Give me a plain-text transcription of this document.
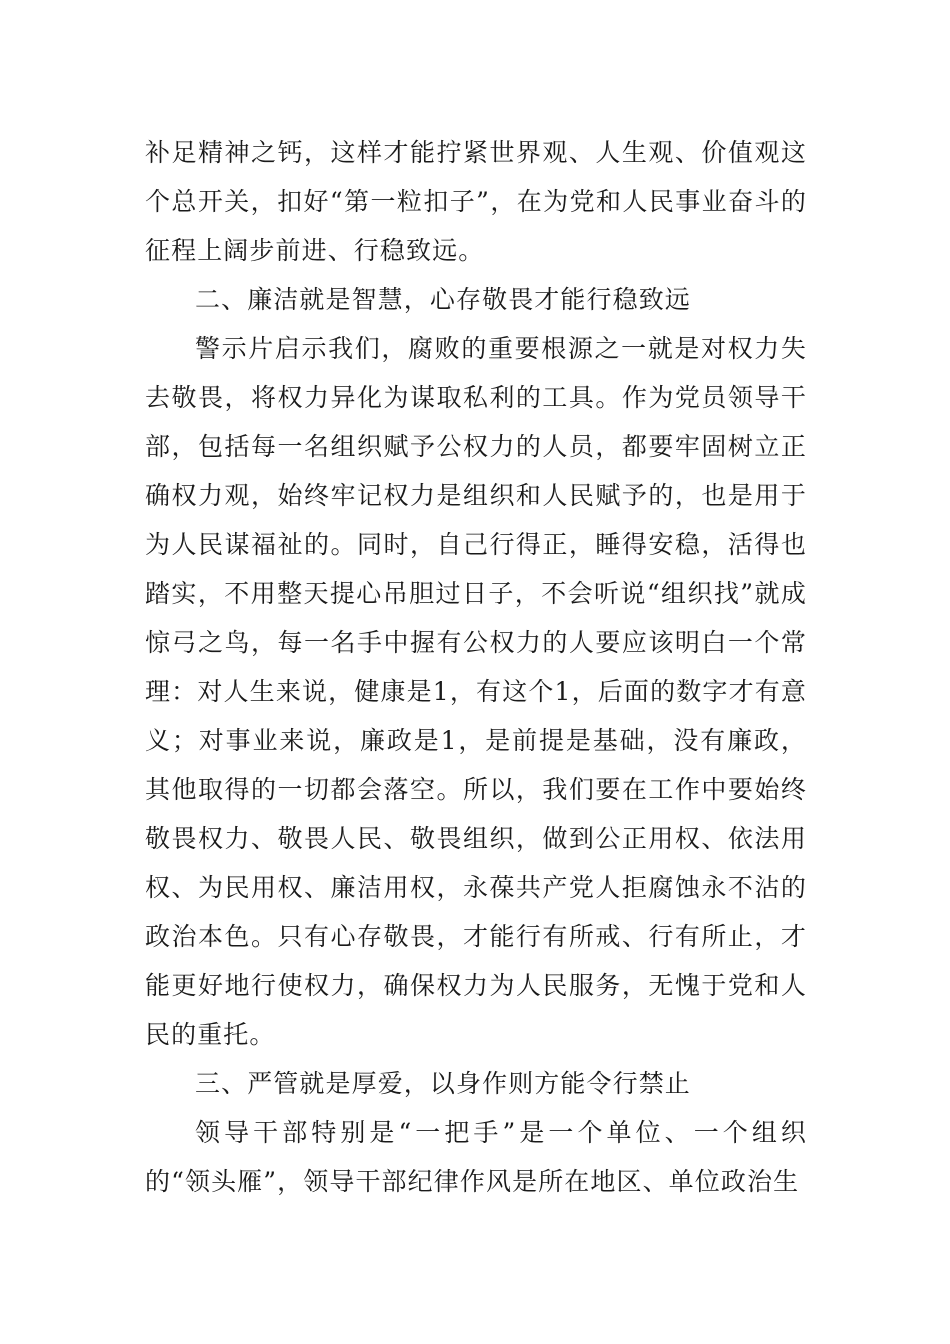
补足精神之钙，这样才能拧紧世界观、人生观、价值观这个总开关，扣好“第一粒扣子”，在为党和人民事业奋斗的征程上阔步前进、行稳致远。

二、廉洁就是智慧，心存敬畏才能行稳致远

警示片启示我们，腐败的重要根源之一就是对权力失去敬畏，将权力异化为谋取私利的工具。作为党员领导干部，包括每一名组织赋予公权力的人员，都要牢固树立正确权力观，始终牢记权力是组织和人民赋予的，也是用于为人民谋福祉的。同时，自己行得正，睡得安稳，活得也踏实，不用整天提心吊胆过日子，不会听说“组织找”就成惊弓之鸟，每一名手中握有公权力的人要应该明白一个常理：对人生来说，健康是1，有这个1，后面的数字才有意义；对事业来说，廉政是1，是前提是基础，没有廉政，其他取得的一切都会落空。所以，我们要在工作中要始终敬畏权力、敬畏人民、敬畏组织，做到公正用权、依法用权、为民用权、廉洁用权，永葆共产党人拒腐蚀永不沾的政治本色。只有心存敬畏，才能行有所戒、行有所止，才能更好地行使权力，确保权力为人民服务，无愧于党和人民的重托。

三、严管就是厚爱，以身作则方能令行禁止

领导干部特别是“一把手”是一个单位、一个组织的“领头雁”，领导干部纪律作风是所在地区、单位政治生
